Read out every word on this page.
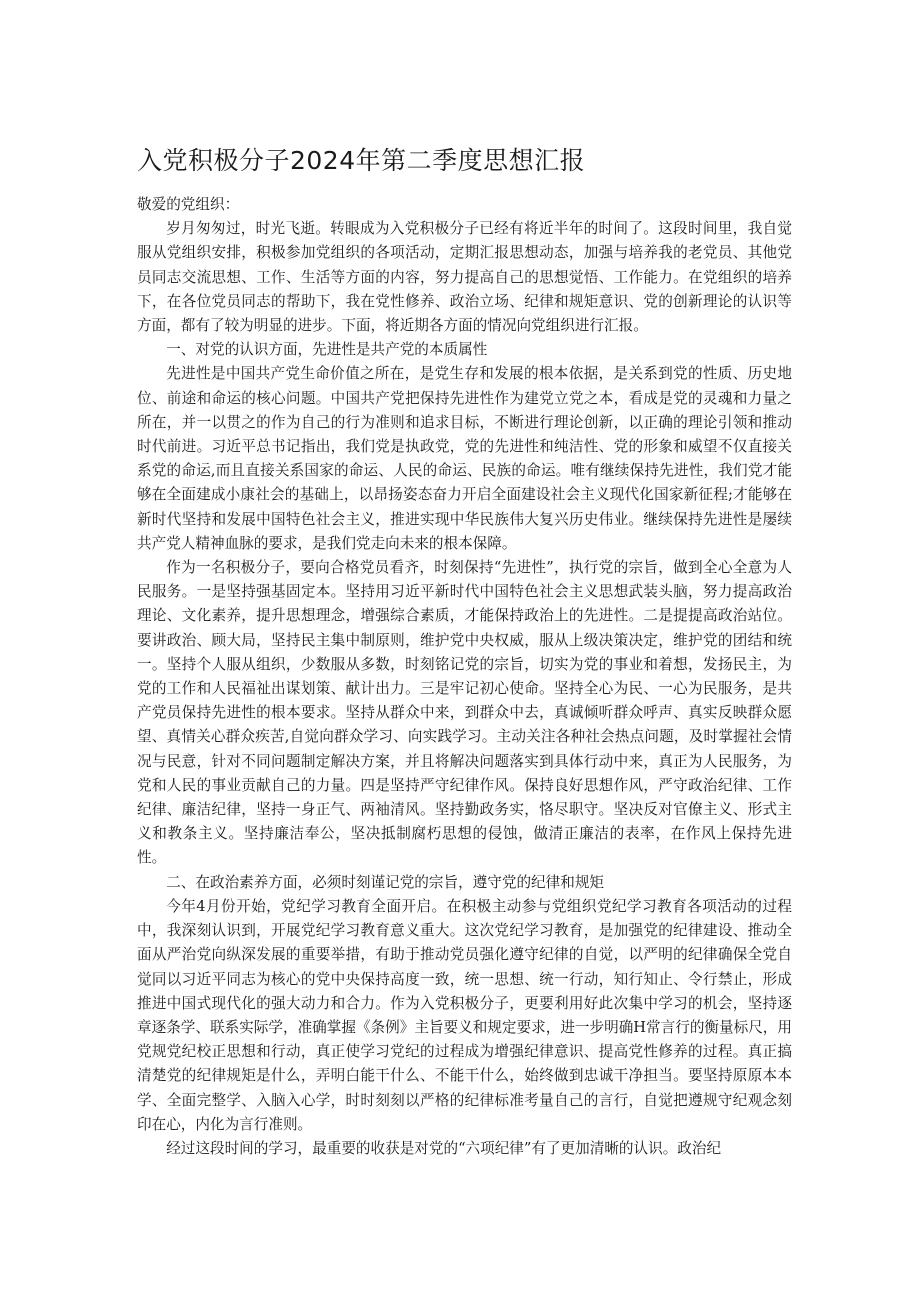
入党积极分子2024年第二季度思想汇报

敬爱的党组织：

岁月匆匆过，时光飞逝。转眼成为入党积极分子已经有将近半年的时间了。这段时间里，我自觉服从党组织安排，积极参加党组织的各项活动，定期汇报思想动态，加强与培养我的老党员、其他党员同志交流思想、工作、生活等方面的内容，努力提高自己的思想觉悟、工作能力。在党组织的培养下，在各位党员同志的帮助下，我在党性修养、政治立场、纪律和规矩意识、党的创新理论的认识等方面，都有了较为明显的进步。下面，将近期各方面的情况向党组织进行汇报。

一、对党的认识方面，先进性是共产党的本质属性

先进性是中国共产党生命价值之所在，是党生存和发展的根本依据，是关系到党的性质、历史地位、前途和命运的核心问题。中国共产党把保持先进性作为建党立党之本，看成是党的灵魂和力量之所在，并一以贯之的作为自己的行为准则和追求目标，不断进行理论创新，以正确的理论引领和推动时代前进。习近平总书记指出，我们党是执政党，党的先进性和纯洁性、党的形象和威望不仅直接关系党的命运,而且直接关系国家的命运、人民的命运、民族的命运。唯有继续保持先进性，我们党才能够在全面建成小康社会的基础上，以昂扬姿态奋力开启全面建设社会主义现代化国家新征程;才能够在新时代坚持和发展中国特色社会主义，推进实现中华民族伟大复兴历史伟业。继续保持先进性是屡续共产党人精神血脉的要求，是我们党走向未来的根本保障。

作为一名积极分子，要向合格党员看齐，时刻保持“先进性”，执行党的宗旨，做到全心全意为人民服务。一是坚持强基固定本。坚持用习近平新时代中国特色社会主义思想武装头脑，努力提高政治理论、文化素养，提升思想理念，增强综合素质，才能保持政治上的先进性。二是提提高政治站位。要讲政治、顾大局，坚持民主集中制原则，维护党中央权威，服从上级决策决定，维护党的团结和统一。坚持个人服从组织，少数服从多数，时刻铭记党的宗旨，切实为党的事业和着想，发扬民主，为党的工作和人民福祉出谋划策、献计出力。三是牢记初心使命。坚持全心为民、一心为民服务，是共产党员保持先进性的根本要求。坚持从群众中来，到群众中去，真诚倾听群众呼声、真实反映群众愿望、真情关心群众疾苦,自觉向群众学习、向实践学习。主动关注各种社会热点问题，及时掌握社会情况与民意，针对不同问题制定解决方案，并且将解决问题落实到具体行动中来，真正为人民服务，为党和人民的事业贡献自己的力量。四是坚持严守纪律作风。保持良好思想作风，严守政治纪律、工作纪律、廉洁纪律，坚持一身正气、两袖清风。坚持勤政务实，恪尽职守。坚决反对官僚主义、形式主义和教条主义。坚持廉洁奉公，坚决抵制腐朽思想的侵蚀，做清正廉洁的表率，在作风上保持先进性。

二、在政治素养方面，必须时刻谨记党的宗旨，遵守党的纪律和规矩

今年4月份开始，党纪学习教育全面开启。在积极主动参与党组织党纪学习教育各项活动的过程中，我深刻认识到，开展党纪学习教育意义重大。这次党纪学习教育，是加强党的纪律建设、推动全面从严治党向纵深发展的重要举措，有助于推动党员强化遵守纪律的自觉，以严明的纪律确保全党自觉同以习近平同志为核心的党中央保持高度一致，统一思想、统一行动，知行知止、令行禁止，形成推进中国式现代化的强大动力和合力。作为入党积极分子，更要利用好此次集中学习的机会，坚持逐章逐条学、联系实际学，准确掌握《条例》主旨要义和规定要求，进一步明确H常言行的衡量标尺，用党规党纪校正思想和行动，真正使学习党纪的过程成为增强纪律意识、提高党性修养的过程。真正搞清楚党的纪律规矩是什么，弄明白能干什么、不能干什么，始终做到忠诚干净担当。要坚持原原本本学、全面完整学、入脑入心学，时时刻刻以严格的纪律标准考量自己的言行，自觉把遵规守纪观念刻印在心，内化为言行准则。

经过这段时间的学习，最重要的收获是对党的“六项纪律”有了更加清晰的认识。政治纪
